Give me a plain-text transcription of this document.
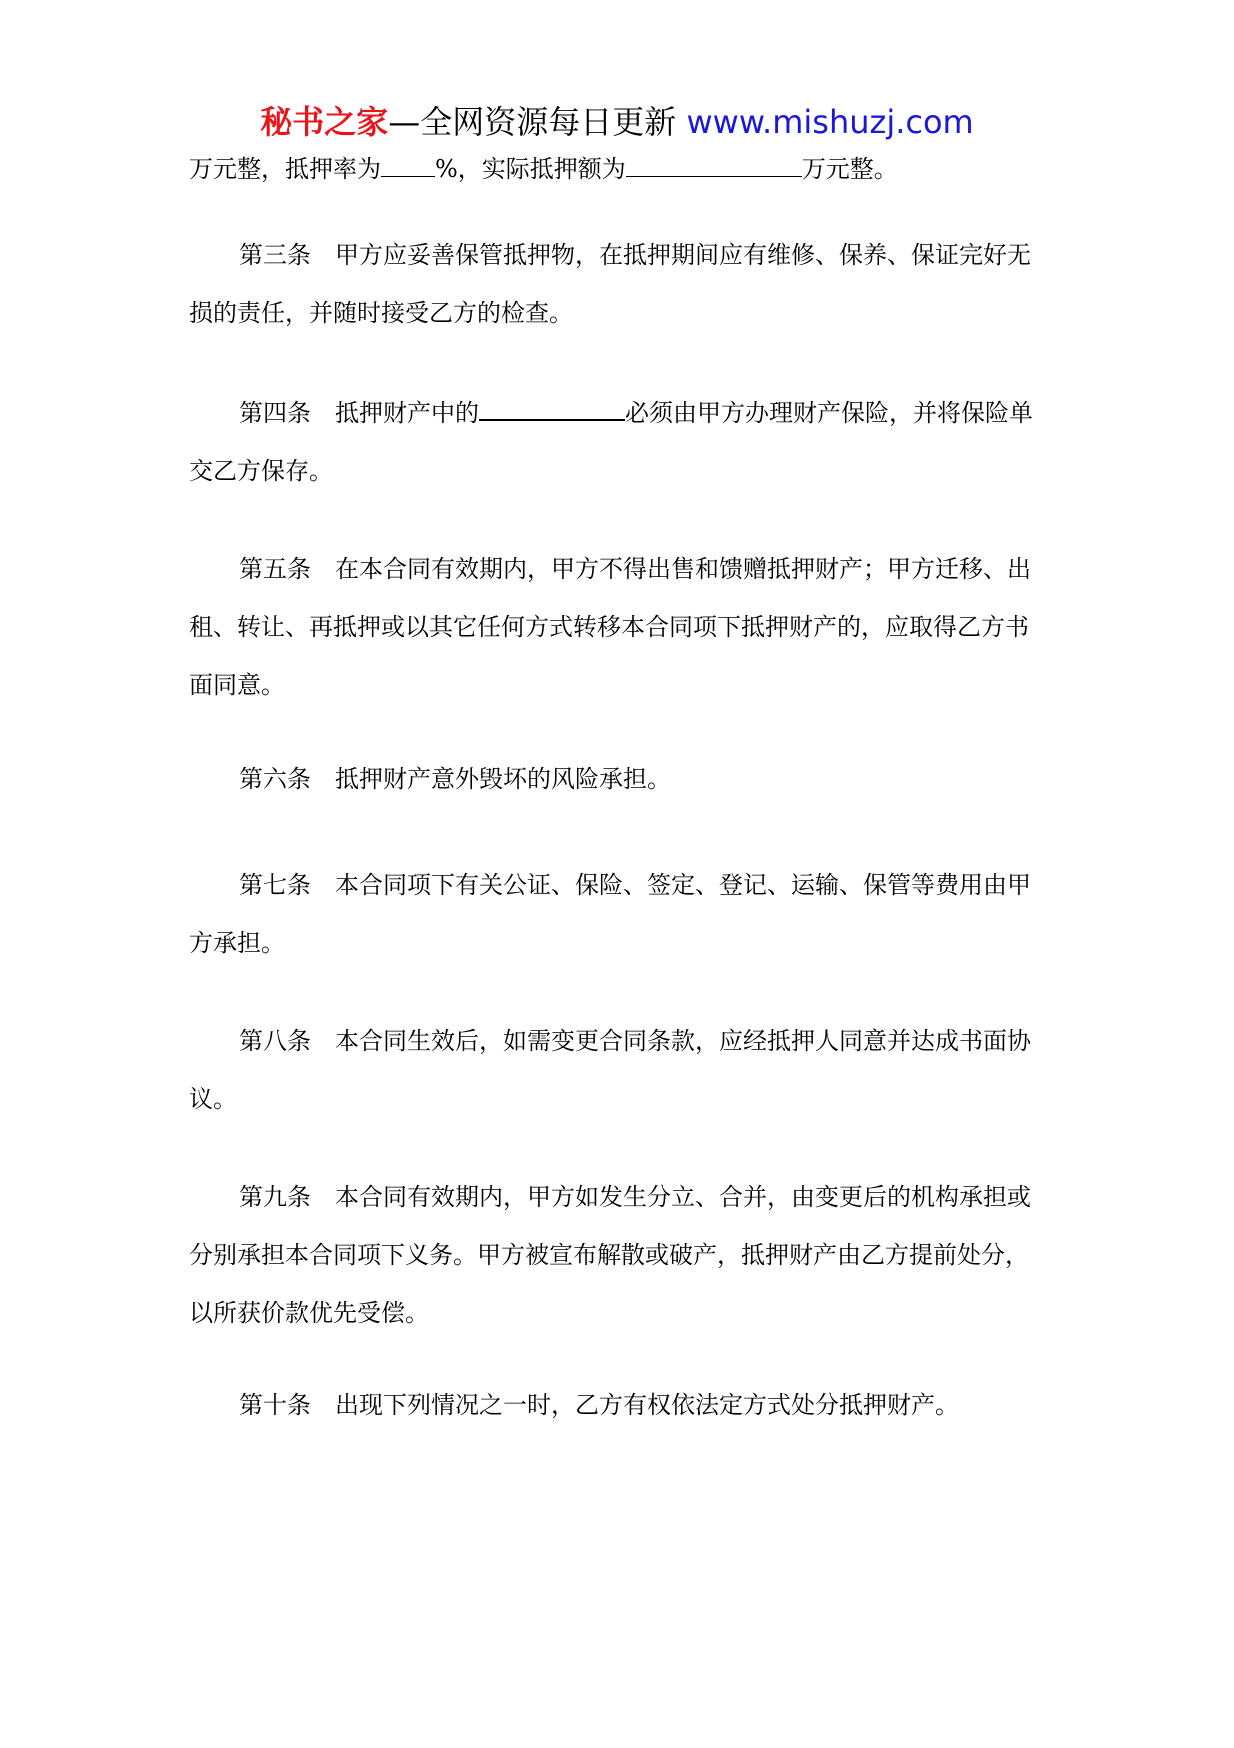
秘书之家—全网资源每日更新 www.mishuzj.com
万元整，抵押率为 %，实际抵押额为	万元整。
第三条 甲方应妥善保管抵押物，在抵押期间应有维修、保养、保证完好无损的责任，并随时接受乙方的检查。
第四条 抵押财产中的	必须由甲方办理财产保险，并将保险单交乙方保存。
第五条 在本合同有效期内，甲方不得出售和馈赠抵押财产；甲方迁移、出租、转让、再抵押或以其它任何方式转移本合同项下抵押财产的，应取得乙方书面同意。
第六条 抵押财产意外毁坏的风险承担。
第七条 本合同项下有关公证、保险、签定、登记、运输、保管等费用由甲方承担。
第八条 本合同生效后，如需变更合同条款，应经抵押人同意并达成书面协议。
第九条 本合同有效期内，甲方如发生分立、合并，由变更后的机构承担或分别承担本合同项下义务。甲方被宣布解散或破产，抵押财产由乙方提前处分，以所获价款优先受偿。
第十条 出现下列情况之一时，乙方有权依法定方式处分抵押财产。
